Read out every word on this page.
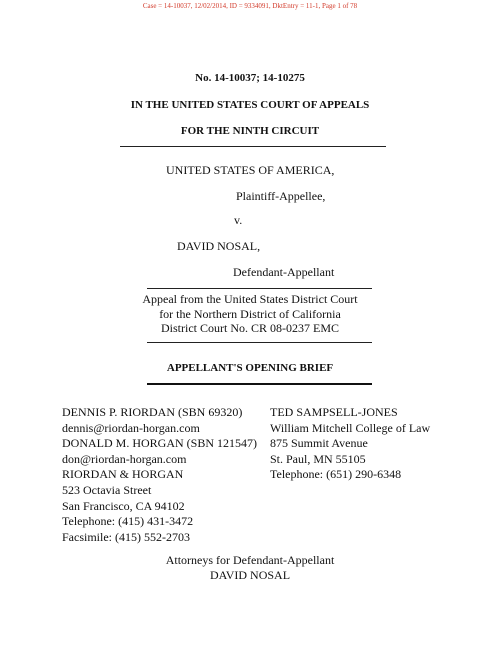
Case = 14-10037, 12/02/2014, ID = 9334091, DktEntry = 11-1, Page 1 of 78
No. 14-10037; 14-10275
IN THE UNITED STATES COURT OF APPEALS
FOR THE NINTH CIRCUIT
UNITED STATES OF AMERICA,
Plaintiff-Appellee,
v.
DAVID NOSAL,
Defendant-Appellant
Appeal from the United States District Court
for the Northern District of California
District Court No. CR 08-0237 EMC
APPELLANT'S OPENING BRIEF
DENNIS P. RIORDAN (SBN 69320)
dennis@riordan-horgan.com
DONALD M. HORGAN (SBN 121547)
don@riordan-horgan.com
RIORDAN & HORGAN
523 Octavia Street
San Francisco, CA 94102
Telephone: (415) 431-3472
Facsimile: (415) 552-2703
TED SAMPSELL-JONES
William Mitchell College of Law
875 Summit Avenue
St. Paul, MN 55105
Telephone: (651) 290-6348
Attorneys for Defendant-Appellant
DAVID NOSAL
